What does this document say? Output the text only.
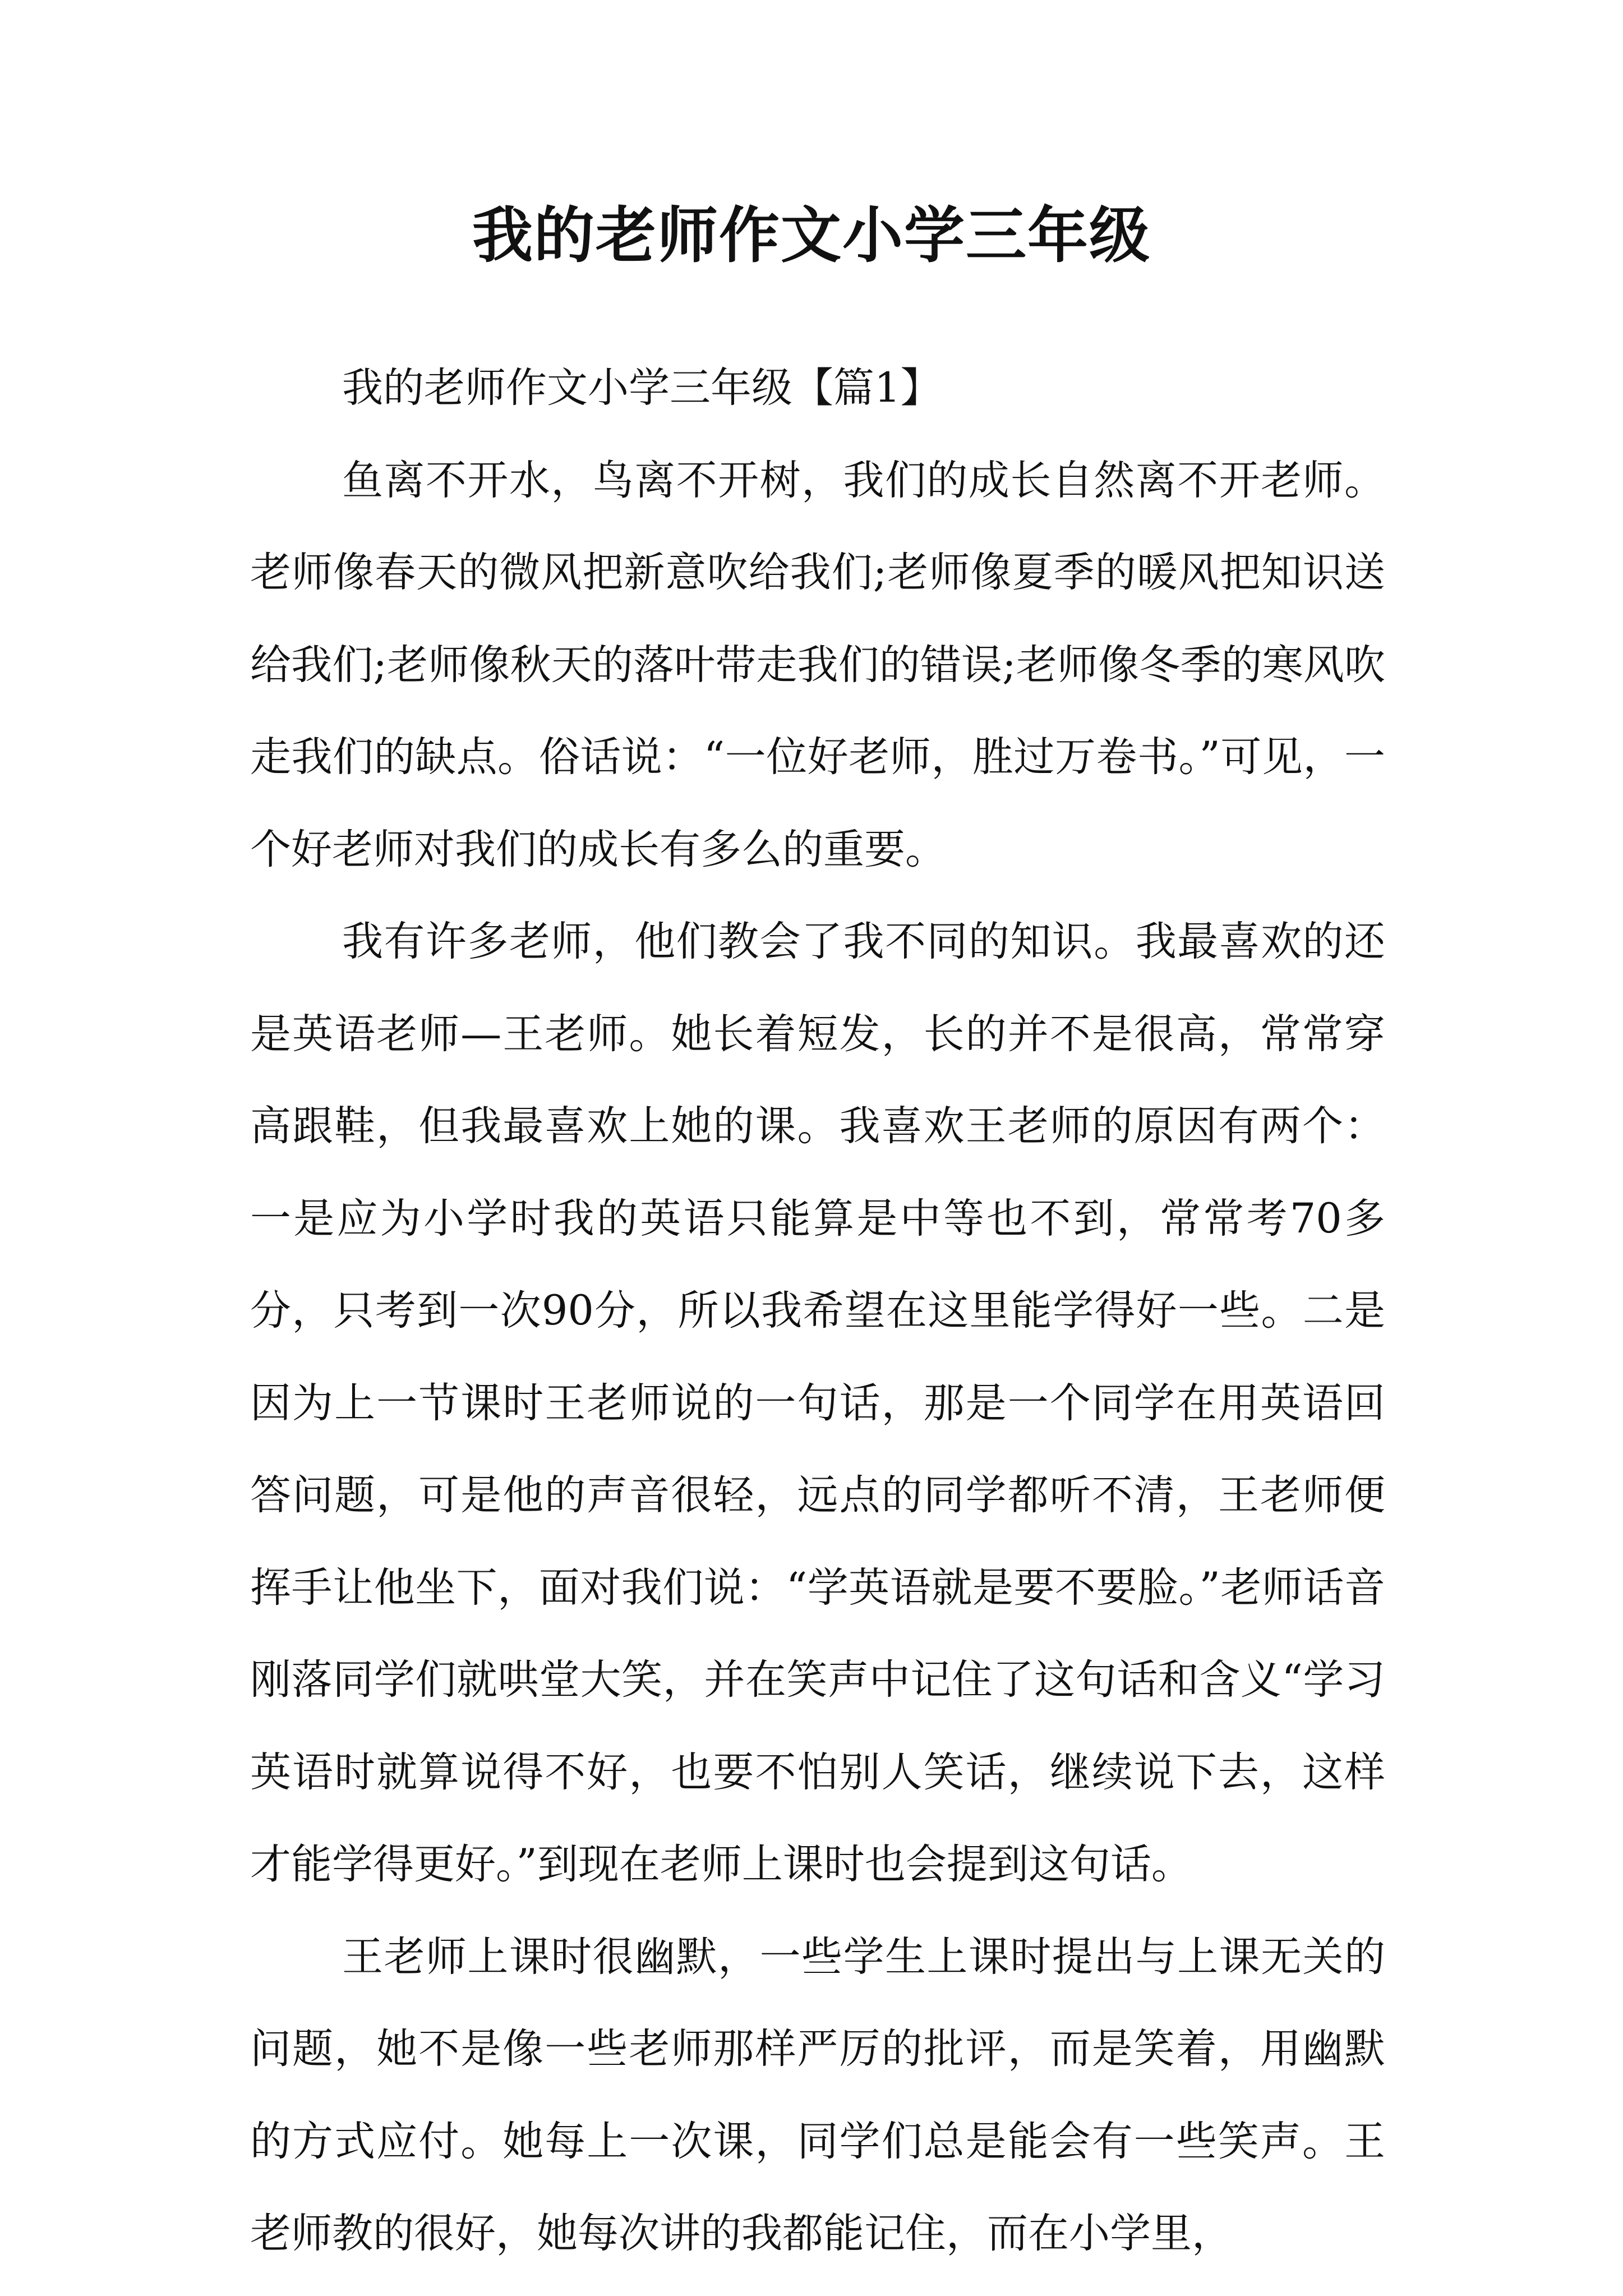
我的老师作文小学三年级

我的老师作文小学三年级【篇1】

鱼离不开水，鸟离不开树，我们的成长自然离不开老师。老师像春天的微风把新意吹给我们;老师像夏季的暖风把知识送给我们;老师像秋天的落叶带走我们的错误;老师像冬季的寒风吹走我们的缺点。俗话说：“一位好老师，胜过万卷书。”可见，一个好老师对我们的成长有多么的重要。

我有许多老师，他们教会了我不同的知识。我最喜欢的还是英语老师—王老师。她长着短发，长的并不是很高，常常穿高跟鞋，但我最喜欢上她的课。我喜欢王老师的原因有两个：一是应为小学时我的英语只能算是中等也不到，常常考70多分，只考到一次90分，所以我希望在这里能学得好一些。二是因为上一节课时王老师说的一句话，那是一个同学在用英语回答问题，可是他的声音很轻，远点的同学都听不清，王老师便挥手让他坐下，面对我们说：“学英语就是要不要脸。”老师话音刚落同学们就哄堂大笑，并在笑声中记住了这句话和含义“学习英语时就算说得不好，也要不怕别人笑话，继续说下去，这样才能学得更好。”到现在老师上课时也会提到这句话。

王老师上课时很幽默，一些学生上课时提出与上课无关的问题，她不是像一些老师那样严厉的批评，而是笑着，用幽默的方式应付。她每上一次课，同学们总是能会有一些笑声。王老师教的很好，她每次讲的我都能记住，而在小学里，
